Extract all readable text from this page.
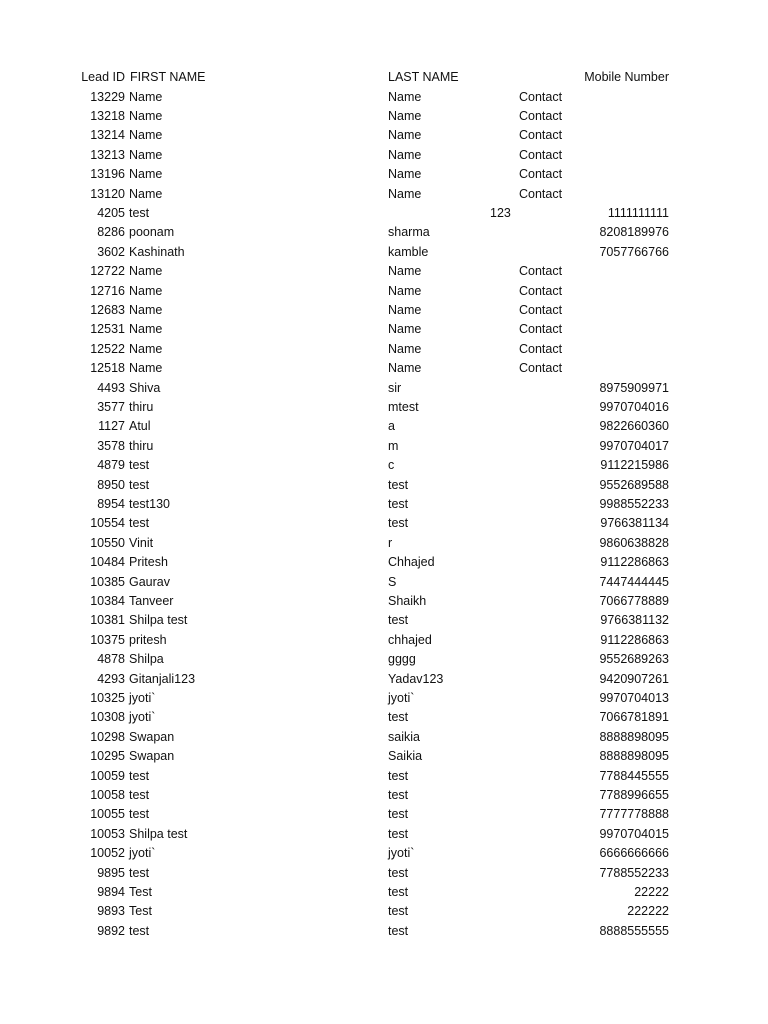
Lead ID FIRST NAME	LAST NAME	Mobile Number
13229 Name	Name	Contact
13218 Name	Name	Contact
13214 Name	Name	Contact
13213 Name	Name	Contact
13196 Name	Name	Contact
13120 Name	Name	Contact
4205 test	123	1111111111
8286 poonam	sharma	8208189976
3602 Kashinath	kamble	7057766766
12722 Name	Name	Contact
12716 Name	Name	Contact
12683 Name	Name	Contact
12531 Name	Name	Contact
12522 Name	Name	Contact
12518 Name	Name	Contact
4493 Shiva	sir	8975909971
3577 thiru	mtest	9970704016
1127 Atul	a	9822660360
3578 thiru	m	9970704017
4879 test	c	9112215986
8950 test	test	9552689588
8954 test130	test	9988552233
10554 test	test	9766381134
10550 Vinit	r	9860638828
10484 Pritesh	Chhajed	9112286863
10385 Gaurav	S	7447444445
10384 Tanveer	Shaikh	7066778889
10381 Shilpa test	test	9766381132
10375 pritesh	chhajed	9112286863
4878 Shilpa	gggg	9552689263
4293 Gitanjali123	Yadav123	9420907261
10325 jyoti`	jyoti`	9970704013
10308 jyoti`	test	7066781891
10298 Swapan	saikia	8888898095
10295 Swapan	Saikia	8888898095
10059 test	test	7788445555
10058 test	test	7788996655
10055 test	test	7777778888
10053 Shilpa test	test	9970704015
10052 jyoti`	jyoti`	6666666666
9895 test	test	7788552233
9894 Test	test	22222
9893 Test	test	222222
9892 test	test	8888555555
